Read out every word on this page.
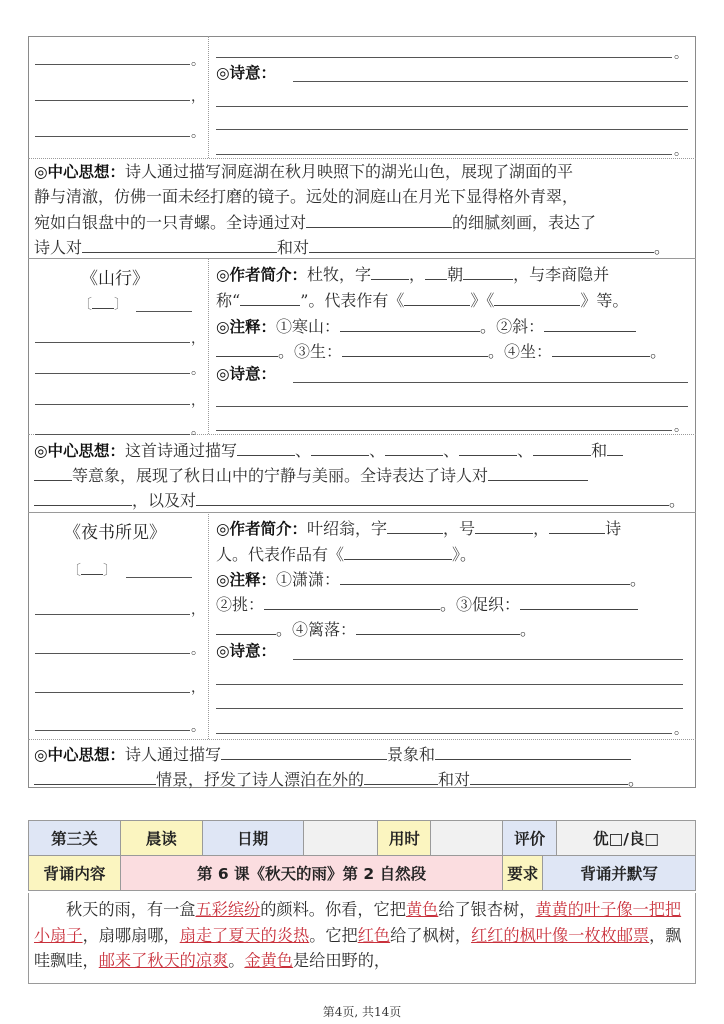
。
，
。
。
◎诗意：
。
◎中心思想：诗人通过描写洞庭湖在秋月映照下的湖光山色，展现了湖面的平
静与清澈，仿佛一面未经打磨的镜子。远处的洞庭山在月光下显得格外青翠，
宛如白银盘中的一只青螺。全诗通过对	的细腻刻画，表达了
诗人对	和对	。
《山行》
〔 〕
，
。
，
。
◎作者简介：杜牧，字 ， 朝	，与李商隐并
称“	”。代表作有《	》《	》等。
◎注释：①寒山：	。②斜：
。③生：	。④坐：	。
◎诗意：
。
◎中心思想：这首诗通过描写	、	、	、	、	和
等意象，展现了秋日山中的宁静与美丽。全诗表达了诗人对
，以及对	。
《夜书所见》
〔 〕
，
。
，
。
◎作者简介：叶绍翁，字	，号	，	诗
人。代表作品有《	》。
◎注释：①潇潇：	。
②挑：	。③促织：
。④篱落：	。
◎诗意：
。
◎中心思想：诗人通过描写	景象和
情景，抒发了诗人漂泊在外的	和对	。
第三关	晨读	日期		用时		评价		优□/良□
背诵内容	第 6 课《秋天的雨》第 2 自然段					要求	背诵并默写	
秋天的雨，有一盒五彩缤纷的颜料。你看，它把黄色给了银杏树，黄黄的叶子像一把把小扇子，扇哪扇哪，扇走了夏天的炎热。它把红色给了枫树，红红的枫叶像一枚枚邮票，飘哇飘哇，邮来了秋天的凉爽。金黄色是给田野的，
第4页, 共14页
